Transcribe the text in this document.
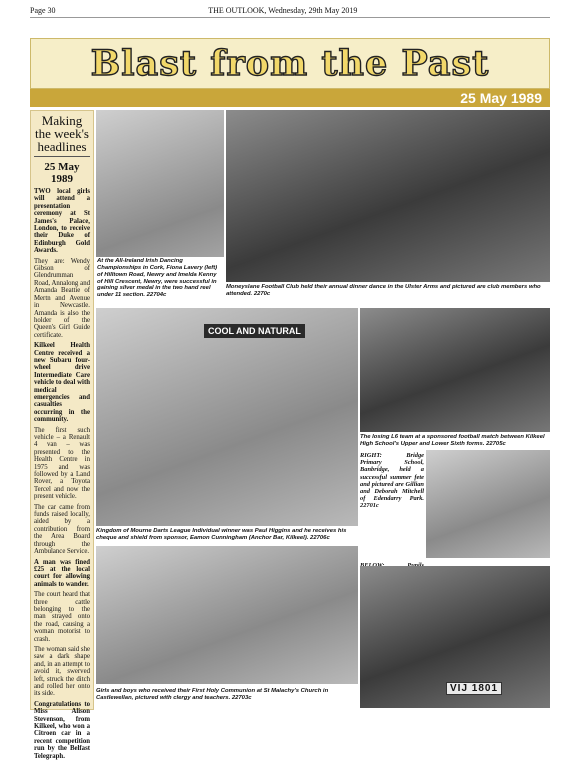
Page 30	THE OUTLOOK, Wednesday, 29th May 2019
Blast from the Past
25 May 1989
Making the week's headlines
25 May 1989

TWO local girls will attend a presentation ceremony at St James's Palace, London, to receive their Duke of Edinburgh Gold Awards.

They are: Wendy Gibson of Glendrumman Road, Annalong and Amanda Beattie of Mertn and Avenue in Newcastle. Amanda is also the holder of the Queen's Girl Guide certificate.

Kilkeel Health Centre received a new Subaru four-wheel drive Intermediate Care vehicle to deal with medical emergencies and casualties occurring in the community.

The first such vehicle – a Renault 4 van – was presented to the Health Centre in 1975 and was followed by a Land Rover, a Toyota Tercel and now the present vehicle.

The car came from funds raised locally, aided by a contribution from the Area Board through the Ambulance Service.

A man was fined £25 at the local court for allowing animals to wander.

The court heard that three cattle belonging to the man strayed onto the road, causing a woman motorist to crash.

The woman said she saw a dark shape and, in an attempt to avoid it, swerved left, struck the ditch and rolled her onto its side.

Congratulations to Miss Alison Stevenson, from Kilkeel, who won a Citroen car in a recent competition run by the Belfast Telegraph.

At the All-Ireland Irish Dancing Championships in Cork, Fiona Lavery (left) of Hilltown Road, Newry and Imelda Kenny of Hill Crescent, Newry, were successful in gaining silver medal in the two hand reel under 11 section. 22704c
Moneyslane Football Club held their annual dinner dance in the Ulster Arms and pictured are club members who attended. 2270c
COOL AND NATURAL
Kingdom of Mourne Darts League Individual winner was Paul Higgins and he receives his cheque and shield from sponsor, Eamon Cunningham (Anchor Bar, Kilkeel). 22706c
The losing L6 team at a sponsored football match between Kilkeel High School's Upper and Lower Sixth forms. 22705c
RIGHT: Bridge Primary School, Banbridge, held a successful summer fete and pictured are Gillian and Deborah Mitchell of Edendarry Park. 22701c
Girls and boys who received their First Holy Communion at St Malachy's Church in Castlewellan, pictured with clergy and teachers. 22703c
VIJ 1801
